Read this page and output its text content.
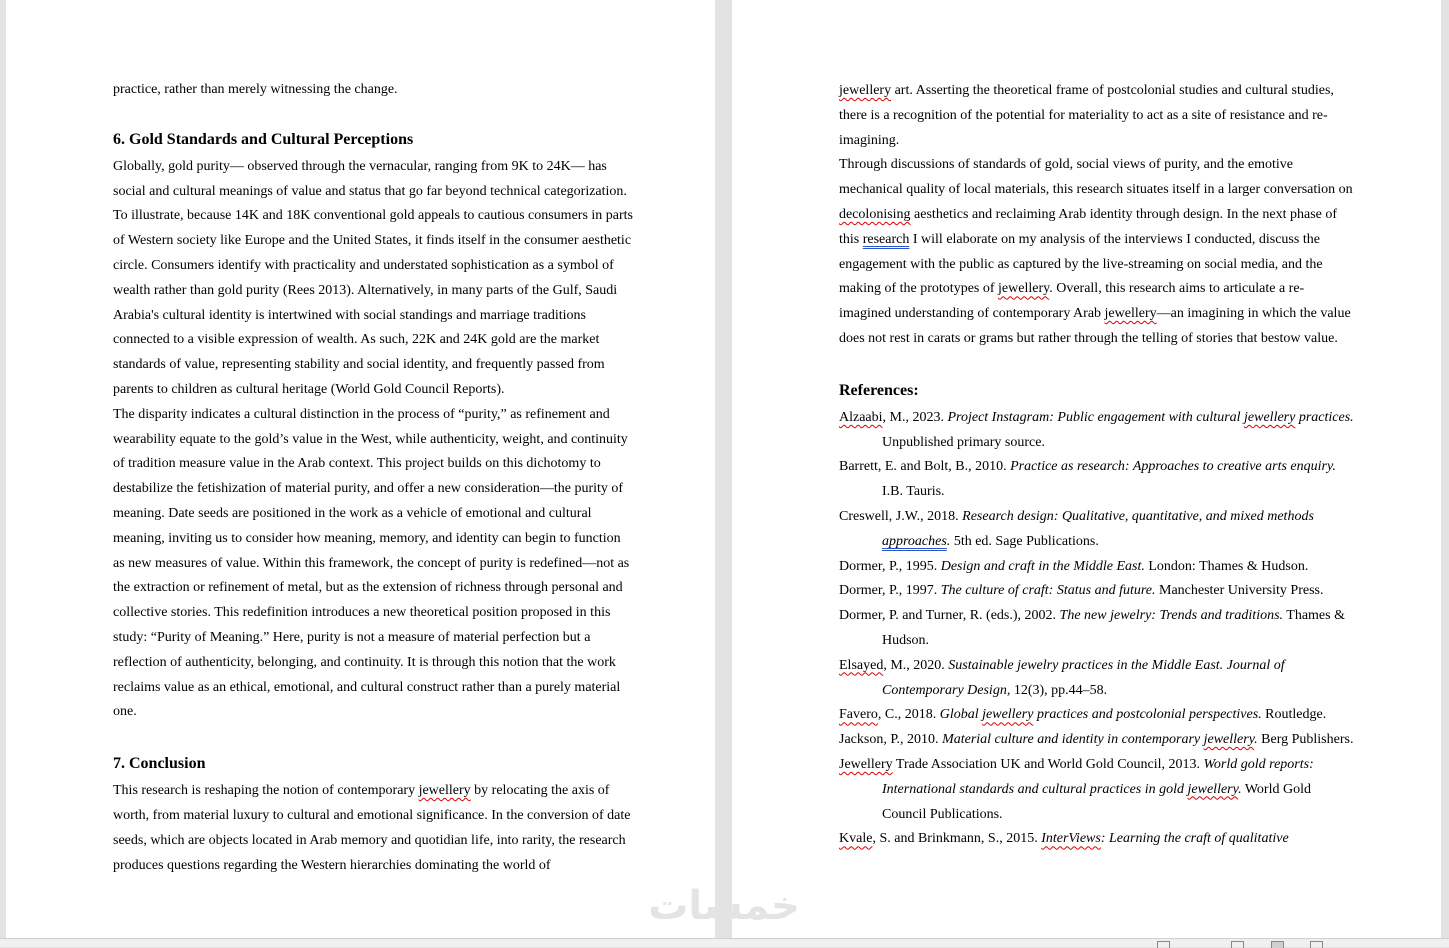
practice, rather than merely witnessing the change.

6. Gold Standards and Cultural Perceptions

Globally, gold purity— observed through the vernacular, ranging from 9K to 24K— has social and cultural meanings of value and status that go far beyond technical categorization. To illustrate, because 14K and 18K conventional gold appeals to cautious consumers in parts of Western society like Europe and the United States, it finds itself in the consumer aesthetic circle. Consumers identify with practicality and understated sophistication as a symbol of wealth rather than gold purity (Rees 2013). Alternatively, in many parts of the Gulf, Saudi Arabia's cultural identity is intertwined with social standings and marriage traditions connected to a visible expression of wealth. As such, 22K and 24K gold are the market standards of value, representing stability and social identity, and frequently passed from parents to children as cultural heritage (World Gold Council Reports).

The disparity indicates a cultural distinction in the process of “purity,” as refinement and wearability equate to the gold’s value in the West, while authenticity, weight, and continuity of tradition measure value in the Arab context. This project builds on this dichotomy to destabilize the fetishization of material purity, and offer a new consideration—the purity of meaning. Date seeds are positioned in the work as a vehicle of emotional and cultural meaning, inviting us to consider how meaning, memory, and identity can begin to function as new measures of value. Within this framework, the concept of purity is redefined—not as the extraction or refinement of metal, but as the extension of richness through personal and collective stories. This redefinition introduces a new theoretical position proposed in this study: “Purity of Meaning.” Here, purity is not a measure of material perfection but a reflection of authenticity, belonging, and continuity. It is through this notion that the work reclaims value as an ethical, emotional, and cultural construct rather than a purely material one.

7. Conclusion

This research is reshaping the notion of contemporary jewellery by relocating the axis of worth, from material luxury to cultural and emotional significance. In the conversion of date seeds, which are objects located in Arab memory and quotidian life, into rarity, the research produces questions regarding the Western hierarchies dominating the world of

jewellery art. Asserting the theoretical frame of postcolonial studies and cultural studies, there is a recognition of the potential for materiality to act as a site of resistance and re-imagining.

Through discussions of standards of gold, social views of purity, and the emotive mechanical quality of local materials, this research situates itself in a larger conversation on decolonising aesthetics and reclaiming Arab identity through design. In the next phase of this research I will elaborate on my analysis of the interviews I conducted, discuss the engagement with the public as captured by the live-streaming on social media, and the making of the prototypes of jewellery. Overall, this research aims to articulate a re-imagined understanding of contemporary Arab jewellery—an imagining in which the value does not rest in carats or grams but rather through the telling of stories that bestow value.

References:

Alzaabi, M., 2023. Project Instagram: Public engagement with cultural jewellery practices. Unpublished primary source.

Barrett, E. and Bolt, B., 2010. Practice as research: Approaches to creative arts enquiry. I.B. Tauris.

Creswell, J.W., 2018. Research design: Qualitative, quantitative, and mixed methods approaches. 5th ed. Sage Publications.

Dormer, P., 1995. Design and craft in the Middle East. London: Thames & Hudson.

Dormer, P., 1997. The culture of craft: Status and future. Manchester University Press.

Dormer, P. and Turner, R. (eds.), 2002. The new jewelry: Trends and traditions. Thames & Hudson.

Elsayed, M., 2020. Sustainable jewelry practices in the Middle East. Journal of Contemporary Design, 12(3), pp.44–58.

Favero, C., 2018. Global jewellery practices and postcolonial perspectives. Routledge.

Jackson, P., 2010. Material culture and identity in contemporary jewellery. Berg Publishers.

Jewellery Trade Association UK and World Gold Council, 2013. World gold reports: International standards and cultural practices in gold jewellery. World Gold Council Publications.

Kvale, S. and Brinkmann, S., 2015. InterViews: Learning the craft of qualitative

خمسات
